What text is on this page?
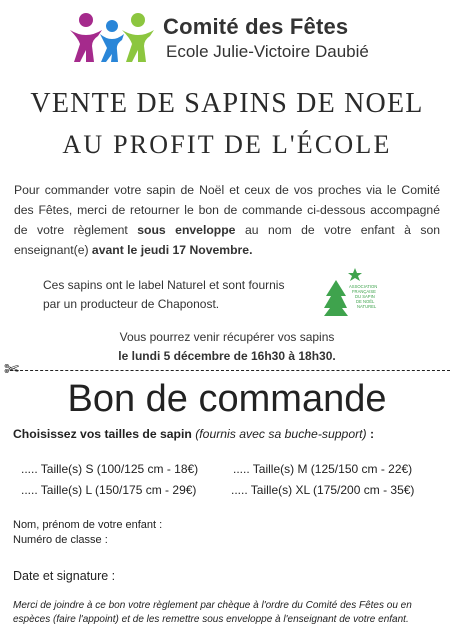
Comité des Fêtes
Ecole Julie-Victoire Daubié
VENTE DE SAPINS DE NOEL
AU PROFIT DE L'ÉCOLE

Pour commander votre sapin de Noël et ceux de vos proches via le Comité des Fêtes, merci de retourner le bon de commande ci-dessous accompagné de votre règlement sous enveloppe au nom de votre enfant à son enseignant(e) avant le jeudi 17 Novembre.

Ces sapins ont le label Naturel et sont fournis
par un producteur de Chaponost.
ASSOCIATION
FRANÇAISE
DU SAPIN
DE NOËL
NATUREL
Vous pourrez venir récupérer vos sapins
le lundi 5 décembre de 16h30 à 18h30.
✄
Bon de commande
Choisissez vos tailles de sapin (fournis avec sa buche-support) :
..... Taille(s) S (100/125 cm - 18€)	..... Taille(s) M (125/150 cm - 22€)
..... Taille(s) L (150/175 cm - 29€)	..... Taille(s) XL (175/200 cm - 35€)
Nom, prénom de votre enfant :
Numéro de classe :
Date et signature :

Merci de joindre à ce bon votre règlement par chèque à l'ordre du Comité des Fêtes ou en espèces (faire l'appoint) et de les remettre sous enveloppe à l'enseignant de votre enfant.
